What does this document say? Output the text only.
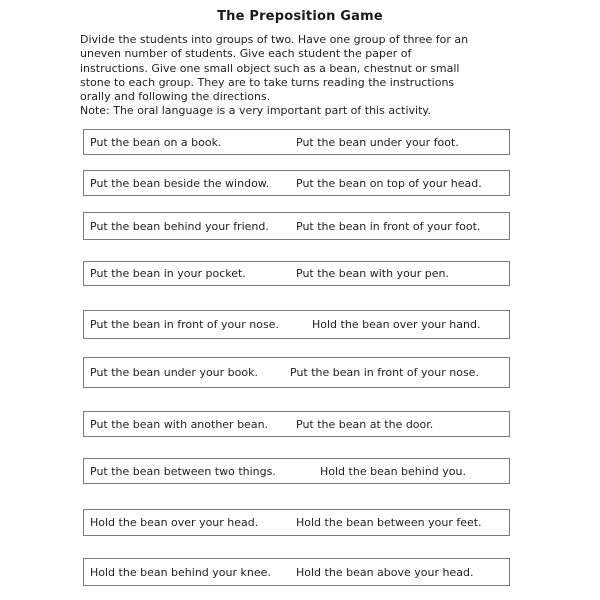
The Preposition Game

Divide the students into groups of two. Have one group of three for an

uneven number of students. Give each student the paper of

instructions. Give one small object such as a bean, chestnut or small

stone to each group. They are to take turns reading the instructions

orally and following the directions.

Note: The oral language is a very important part of this activity.

Put the bean on a book.	Put the bean under your foot.
Put the bean beside the window.	Put the bean on top of your head.
Put the bean behind your friend.	Put the bean in front of your foot.
Put the bean in your pocket.	Put the bean with your pen.
Put the bean in front of your nose.	Hold the bean over your hand.
Put the bean under your book.	Put the bean in front of your nose.
Put the bean with another bean.	Put the bean at the door.
Put the bean between two things.	Hold the bean behind you.
Hold the bean over your head.	Hold the bean between your feet.
Hold the bean behind your knee.	Hold the bean above your head.
